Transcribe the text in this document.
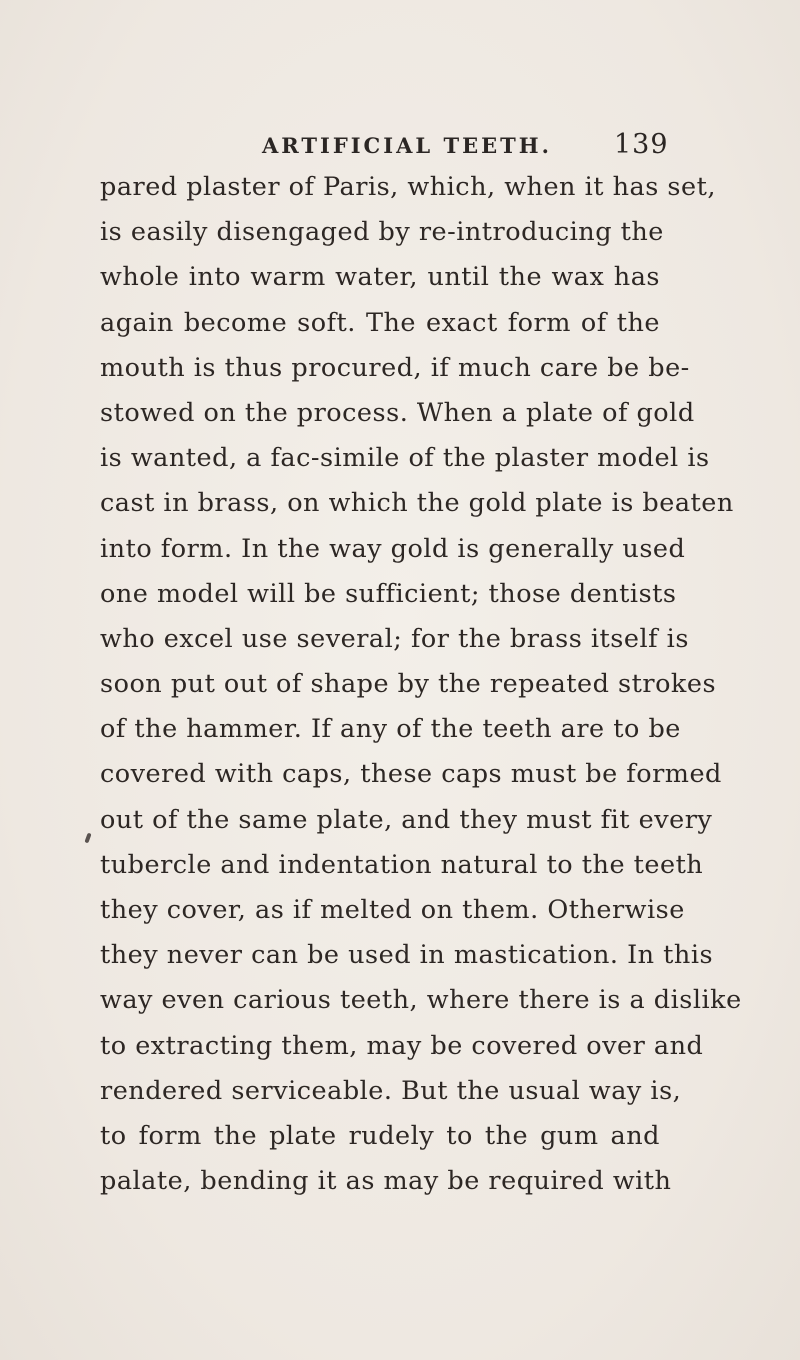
ARTIFICIAL TEETH. 139
pared plaster of Paris, which, when it has set,
is easily disengaged by re-introducing the
whole into warm water, until the wax has
again become soft. The exact form of the
mouth is thus procured, if much care be be-
stowed on the process. When a plate of gold
is wanted, a fac-simile of the plaster model is
cast in brass, on which the gold plate is beaten
into form. In the way gold is generally used
one model will be sufficient; those dentists
who excel use several; for the brass itself is
soon put out of shape by the repeated strokes
of the hammer. If any of the teeth are to be
covered with caps, these caps must be formed
out of the same plate, and they must fit every
tubercle and indentation natural to the teeth
they cover, as if melted on them. Otherwise
they never can be used in mastication. In this
way even carious teeth, where there is a dislike
to extracting them, may be covered over and
rendered serviceable. But the usual way is,
to form the plate rudely to the gum and
palate, bending it as may be required with
